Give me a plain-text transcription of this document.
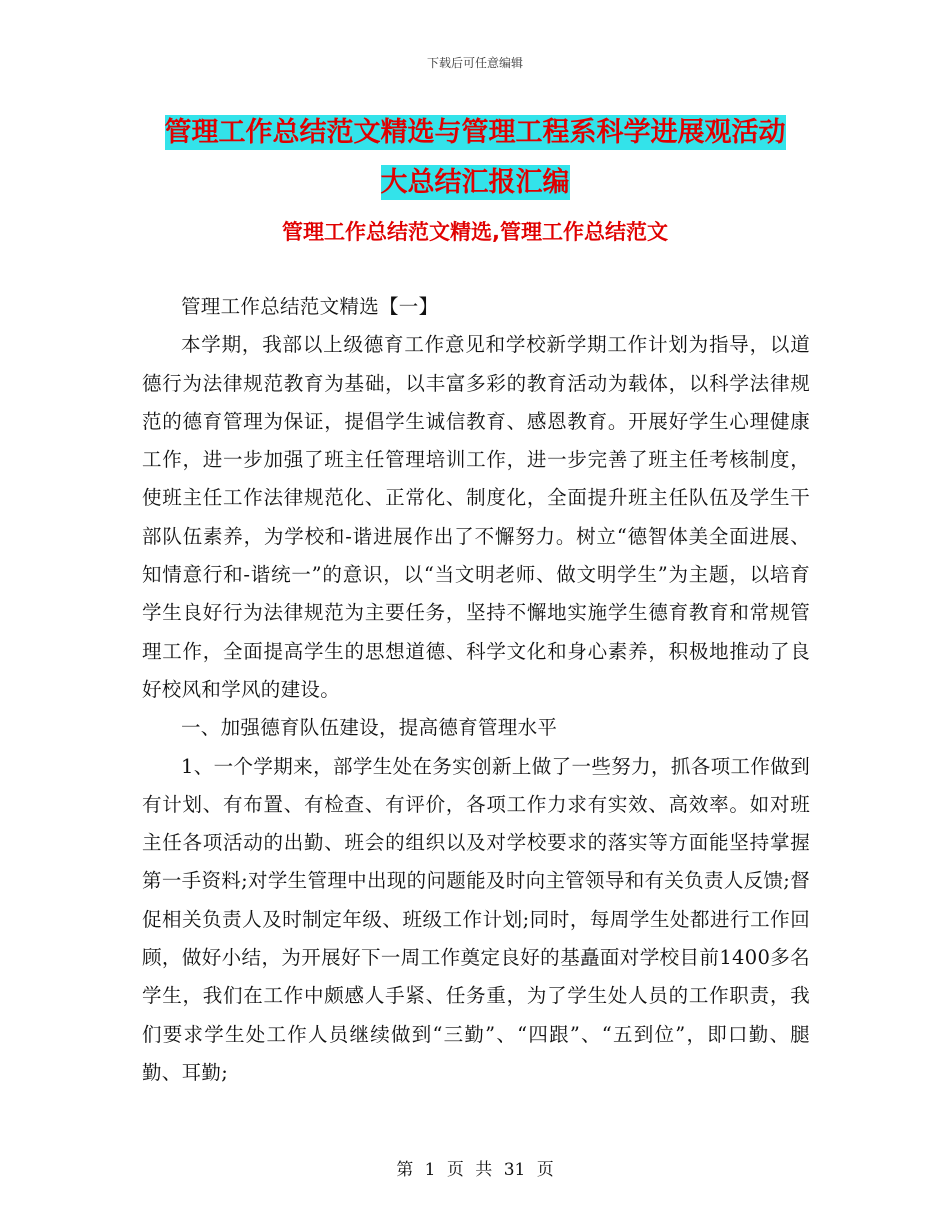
下载后可任意编辑
管理工作总结范文精选与管理工程系科学进展观活动
大总结汇报汇编
管理工作总结范文精选,管理工作总结范文

管理工作总结范文精选【一】

本学期，我部以上级德育工作意见和学校新学期工作计划为指导，以道德行为法律规范教育为基础，以丰富多彩的教育活动为载体，以科学法律规范的德育管理为保证，提倡学生诚信教育、感恩教育。开展好学生心理健康工作，进一步加强了班主任管理培训工作，进一步完善了班主任考核制度，使班主任工作法律规范化、正常化、制度化，全面提升班主任队伍及学生干部队伍素养，为学校和-谐进展作出了不懈努力。树立“德智体美全面进展、知情意行和-谐统一”的意识，以“当文明老师、做文明学生”为主题，以培育学生良好行为法律规范为主要任务，坚持不懈地实施学生德育教育和常规管理工作，全面提高学生的思想道德、科学文化和身心素养，积极地推动了良好校风和学风的建设。

一、加强德育队伍建设，提高德育管理水平

1、一个学期来，部学生处在务实创新上做了一些努力，抓各项工作做到有计划、有布置、有检查、有评价，各项工作力求有实效、高效率。如对班主任各项活动的出勤、班会的组织以及对学校要求的落实等方面能坚持掌握第一手资料;对学生管理中出现的问题能及时向主管领导和有关负责人反馈;督促相关负责人及时制定年级、班级工作计划;同时，每周学生处都进行工作回顾，做好小结，为开展好下一周工作奠定良好的基矗面对学校目前1400多名学生，我们在工作中颇感人手紧、任务重，为了学生处人员的工作职责，我们要求学生处工作人员继续做到“三勤”、“四跟”、“五到位”，即口勤、腿勤、耳勤;

第 1 页 共 31 页
